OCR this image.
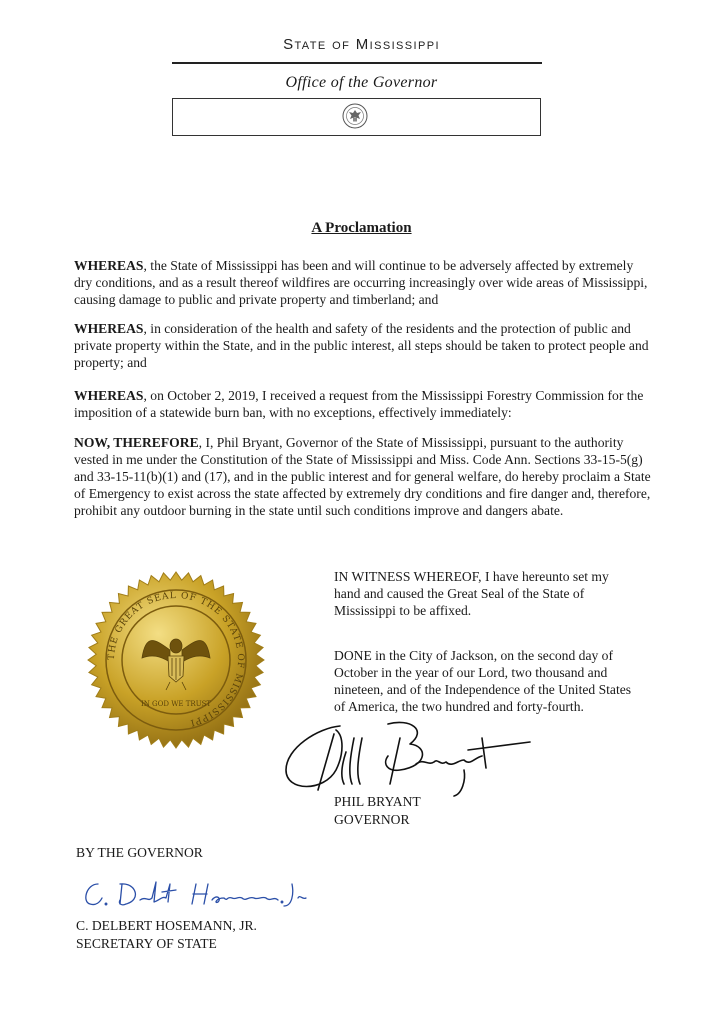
State of Mississippi
Office of the Governor
A Proclamation
WHEREAS, the State of Mississippi has been and will continue to be adversely affected by extremely dry conditions, and as a result thereof wildfires are occurring increasingly over wide areas of Mississippi, causing damage to public and private property and timberland; and
WHEREAS, in consideration of the health and safety of the residents and the protection of public and private property within the State, and in the public interest, all steps should be taken to protect people and property; and
WHEREAS, on October 2, 2019, I received a request from the Mississippi Forestry Commission for the imposition of a statewide burn ban, with no exceptions, effectively immediately:
NOW, THEREFORE, I, Phil Bryant, Governor of the State of Mississippi, pursuant to the authority vested in me under the Constitution of the State of Mississippi and Miss. Code Ann. Sections 33-15-5(g) and 33-15-11(b)(1) and (17), and in the public interest and for general welfare, do hereby proclaim a State of Emergency to exist across the state affected by extremely dry conditions and fire danger and, therefore, prohibit any outdoor burning in the state until such conditions improve and dangers abate.
THE GREAT SEAL OF THE STATE OF MISSISSIPPI
IN GOD WE TRUST
IN WITNESS WHEREOF, I have hereunto set my hand and caused the Great Seal of the State of Mississippi to be affixed.
DONE in the City of Jackson, on the second day of October in the year of our Lord, two thousand and nineteen, and of the Independence of the United States of America, the two hundred and forty-fourth.
PHIL BRYANT
GOVERNOR
BY THE GOVERNOR
C. DELBERT HOSEMANN, JR.
SECRETARY OF STATE
